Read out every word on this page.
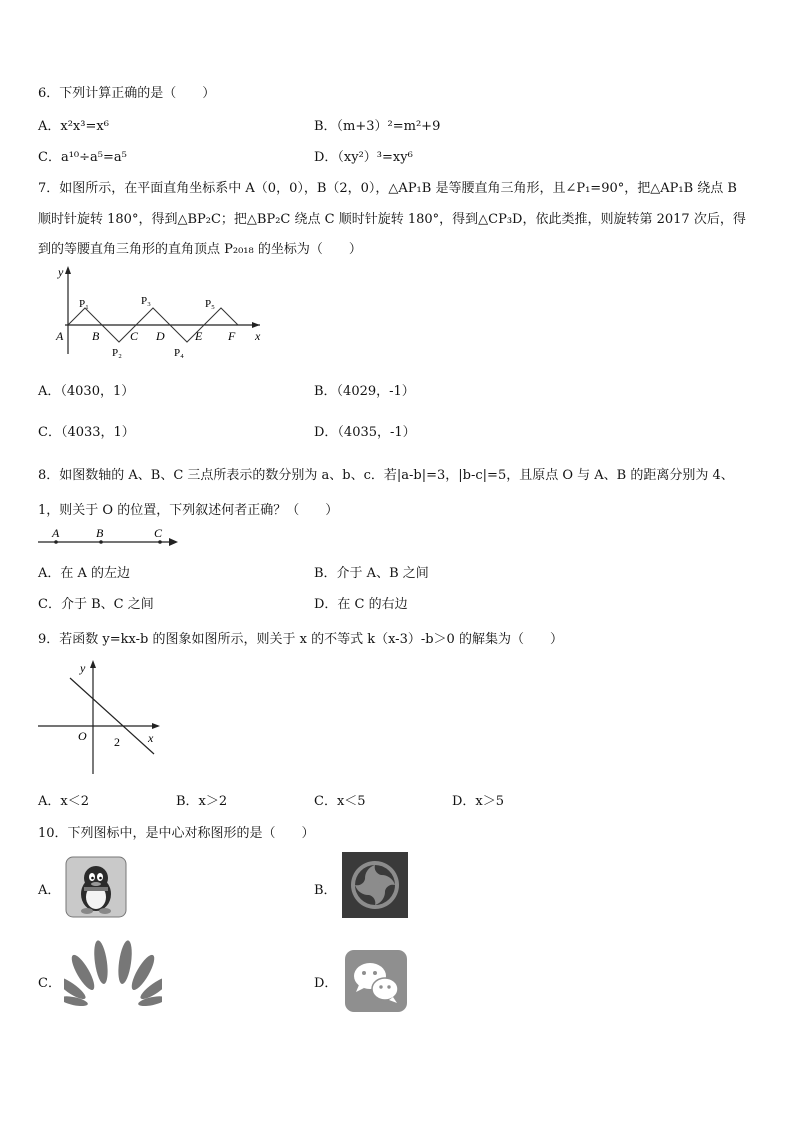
6．下列计算正确的是（　　）
A．x²x³=x⁶	B．（m+3）²=m²+9
C．a¹⁰÷a⁵=a⁵	D．（xy²）³=xy⁶
7．如图所示，在平面直角坐标系中 A（0，0），B（2，0），△AP₁B 是等腰直角三角形，且∠P₁=90°，把△AP₁B 绕点 B
顺时针旋转 180°，得到△BP₂C；把△BP₂C 绕点 C 顺时针旋转 180°，得到△CP₃D，依此类推，则旋转第 2017 次后，得
到的等腰直角三角形的直角顶点 P₂₀₁₈ 的坐标为（　　）
y
x
A B	C D	E F
P₁
P₂
P₃
P₄
P₅
A．（4030，1）	B．（4029，-1）
C．（4033，1）	D．（4035，-1）
8．如图数轴的 A、B、C 三点所表示的数分别为 a、b、c．若|a-b|=3，|b-c|=5，且原点 O 与 A、B 的距离分别为 4、
1，则关于 O 的位置，下列叙述何者正确？（　　）
A	B	C
A．在 A 的左边	B．介于 A、B 之间
C．介于 B、C 之间	D．在 C 的右边
9．若函数 y=kx-b 的图象如图所示，则关于 x 的不等式 k（x-3）-b＞0 的解集为（　　）
y
x
O 2
A．x＜2	B．x＞2	C．x＜5	D．x＞5
10．下列图标中，是中心对称图形的是（　　）
A．	B．
C．	D．
